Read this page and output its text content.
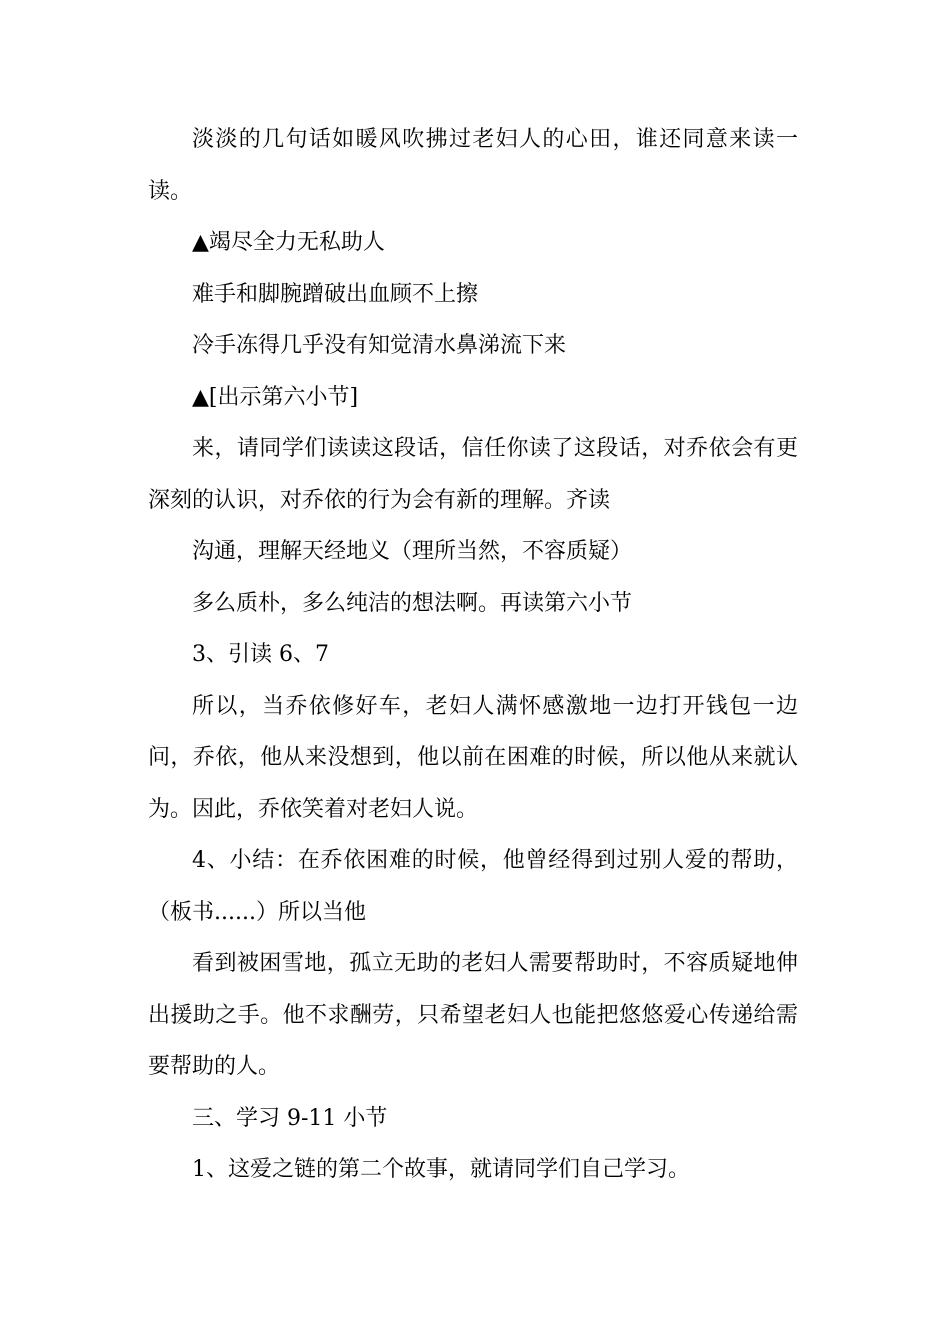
淡淡的几句话如暖风吹拂过老妇人的心田，谁还同意来读一读。

▲竭尽全力无私助人

难手和脚腕蹭破出血顾不上擦

冷手冻得几乎没有知觉清水鼻涕流下来

▲[出示第六小节]

来，请同学们读读这段话，信任你读了这段话，对乔依会有更深刻的认识，对乔依的行为会有新的理解。齐读

沟通，理解天经地义（理所当然，不容质疑）

多么质朴，多么纯洁的想法啊。再读第六小节

3、引读 6、7

所以，当乔依修好车，老妇人满怀感激地一边打开钱包一边问，乔依，他从来没想到，他以前在困难的时候，所以他从来就认为。因此，乔依笑着对老妇人说。

4、小结：在乔依困难的时候，他曾经得到过别人爱的帮助，（板书......）所以当他

看到被困雪地，孤立无助的老妇人需要帮助时，不容质疑地伸出援助之手。他不求酬劳，只希望老妇人也能把悠悠爱心传递给需要帮助的人。

三、学习 9-11 小节

1、这爱之链的第二个故事，就请同学们自己学习。
